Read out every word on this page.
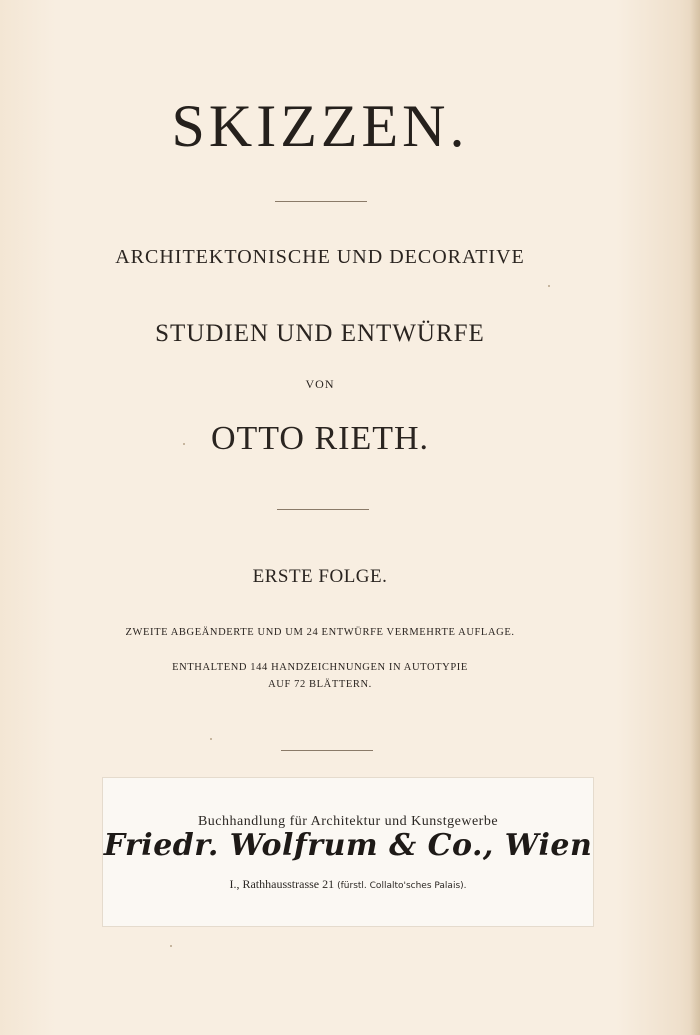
SKIZZEN.
ARCHITEKTONISCHE UND DECORATIVE
STUDIEN UND ENTWÜRFE
VON
OTTO RIETH.
ERSTE FOLGE.
ZWEITE ABGEÄNDERTE UND UM 24 ENTWÜRFE VERMEHRTE AUFLAGE.
ENTHALTEND 144 HANDZEICHNUNGEN IN AUTOTYPIE
AUF 72 BLÄTTERN.
Buchhandlung für Architektur und Kunstgewerbe
Friedr. Wolfrum & Co., Wien
I., Rathhausstrasse 21 (fürstl. Collalto'sches Palais).
